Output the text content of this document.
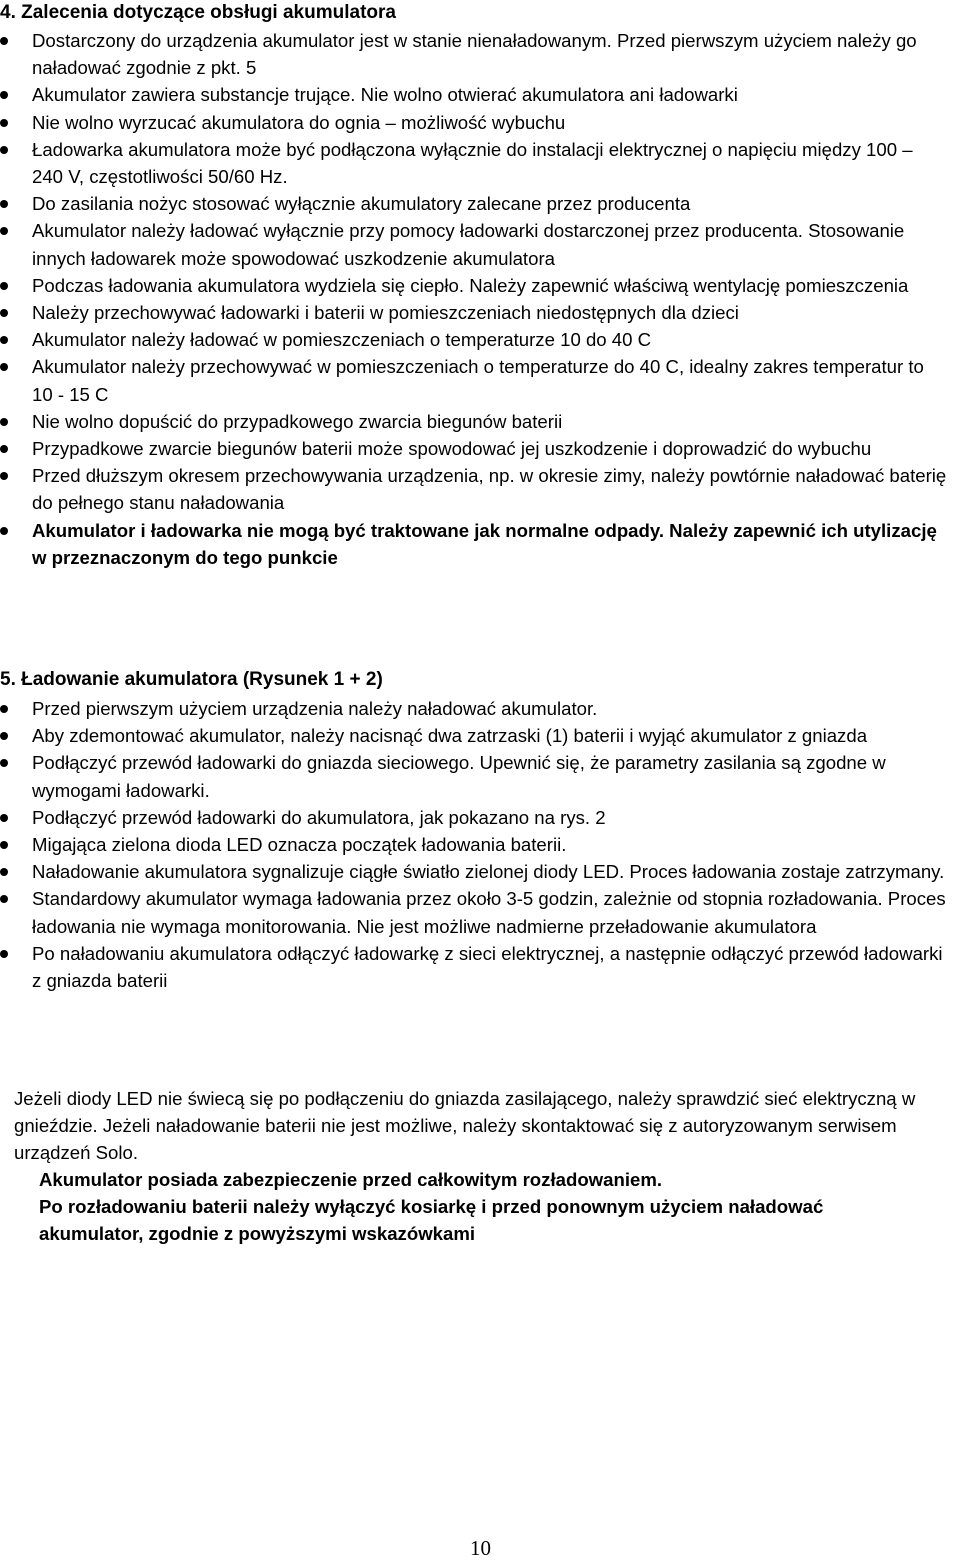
4. Zalecenia dotyczące obsługi akumulatora
Dostarczony do urządzenia akumulator jest w stanie nienaładowanym. Przed pierwszym użyciem należy go naładować zgodnie z pkt. 5
Akumulator zawiera substancje trujące. Nie wolno otwierać akumulatora ani ładowarki
Nie wolno wyrzucać akumulatora do ognia – możliwość wybuchu
Ładowarka akumulatora może być podłączona wyłącznie do instalacji elektrycznej o napięciu między 100 – 240 V, częstotliwości 50/60 Hz.
Do zasilania nożyc stosować wyłącznie akumulatory zalecane przez producenta
Akumulator należy ładować wyłącznie przy pomocy ładowarki dostarczonej przez producenta. Stosowanie innych ładowarek może spowodować uszkodzenie akumulatora
Podczas ładowania akumulatora wydziela się ciepło. Należy zapewnić właściwą wentylację pomieszczenia
Należy przechowywać ładowarki i baterii w pomieszczeniach niedostępnych dla dzieci
Akumulator należy ładować w pomieszczeniach o temperaturze 10 do 40 C
Akumulator należy przechowywać w pomieszczeniach o temperaturze do 40 C, idealny zakres temperatur to 10 - 15 C
Nie wolno dopuścić do przypadkowego zwarcia biegunów baterii
Przypadkowe zwarcie biegunów baterii może spowodować jej uszkodzenie i doprowadzić do wybuchu
Przed dłuższym okresem przechowywania urządzenia, np. w okresie zimy, należy powtórnie naładować baterię do pełnego stanu naładowania
Akumulator i ładowarka nie mogą być traktowane jak normalne odpady. Należy zapewnić ich utylizację w przeznaczonym do tego punkcie
5. Ładowanie akumulatora (Rysunek 1 + 2)
Przed pierwszym użyciem urządzenia należy naładować akumulator.
Aby zdemontować akumulator, należy nacisnąć dwa zatrzaski (1) baterii i wyjąć akumulator z gniazda
Podłączyć przewód ładowarki do gniazda sieciowego. Upewnić się, że parametry zasilania są zgodne w wymogami ładowarki.
Podłączyć przewód ładowarki do akumulatora, jak pokazano na rys. 2
Migająca zielona dioda LED oznacza początek ładowania baterii.
Naładowanie akumulatora sygnalizuje ciągłe światło zielonej diody LED. Proces ładowania zostaje zatrzymany.
Standardowy akumulator wymaga ładowania przez około 3-5 godzin, zależnie od stopnia rozładowania. Proces ładowania nie wymaga monitorowania. Nie jest możliwe nadmierne przeładowanie akumulatora
Po naładowaniu akumulatora odłączyć ładowarkę z sieci elektrycznej, a następnie odłączyć przewód ładowarki z gniazda baterii
Jeżeli diody LED nie świecą się po podłączeniu do gniazda zasilającego, należy sprawdzić sieć elektryczną w gnieździe. Jeżeli naładowanie baterii nie jest możliwe, należy skontaktować się z autoryzowanym serwisem urządzeń Solo.
Akumulator posiada zabezpieczenie przed całkowitym rozładowaniem.
Po rozładowaniu baterii należy wyłączyć kosiarkę i przed ponownym użyciem naładować akumulator, zgodnie z powyższymi wskazówkami
10
